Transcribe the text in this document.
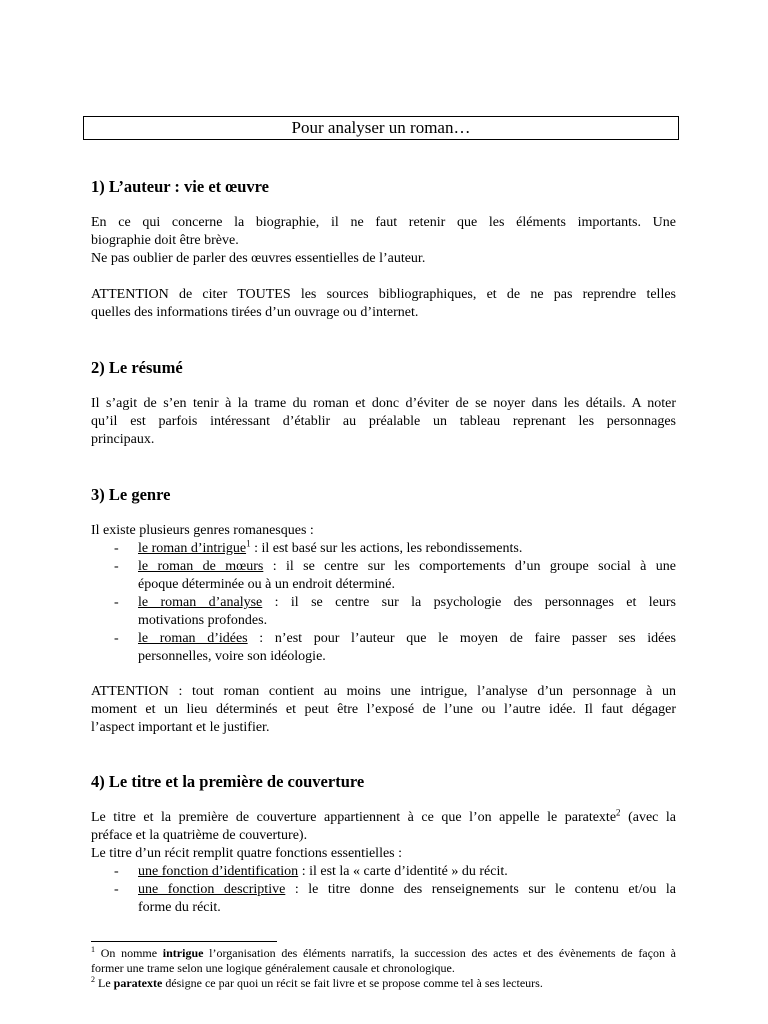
Pour analyser un roman…
1) L’auteur : vie et œuvre
En ce qui concerne la biographie, il ne faut retenir que les éléments importants. Une
biographie doit être brève.
Ne pas oublier de parler des œuvres essentielles de l’auteur.
ATTENTION de citer TOUTES les sources bibliographiques, et de ne pas reprendre telles
quelles des informations tirées d’un ouvrage ou d’internet.
2) Le résumé
Il s’agit de s’en tenir à la trame du roman et donc d’éviter de se noyer dans les détails. A noter
qu’il est parfois intéressant d’établir au préalable un tableau reprenant les personnages
principaux.
3) Le genre
Il existe plusieurs genres romanesques :
- le roman d’intrigue$^1$ : il est basé sur les actions, les rebondissements.
- le roman de mœurs : il se centre sur les comportements d’un groupe social à une
époque déterminée ou à un endroit déterminé.
- le roman d’analyse : il se centre sur la psychologie des personnages et leurs
motivations profondes.
- le roman d’idées : n’est pour l’auteur que le moyen de faire passer ses idées
personnelles, voire son idéologie.
ATTENTION : tout roman contient au moins une intrigue, l’analyse d’un personnage à un
moment et un lieu déterminés et peut être l’exposé de l’une ou l’autre idée. Il faut dégager
l’aspect important et le justifier.
4) Le titre et la première de couverture
Le titre et la première de couverture appartiennent à ce que l’on appelle le paratexte$^2$ (avec la
préface et la quatrième de couverture).
Le titre d’un récit remplit quatre fonctions essentielles :
- une fonction d’identification : il est la « carte d’identité » du récit.
- une fonction descriptive : le titre donne des renseignements sur le contenu et/ou la
forme du récit.
$^1$ On nomme intrigue l’organisation des éléments narratifs, la succession des actes et des évènements de façon à
former une trame selon une logique généralement causale et chronologique.
$^2$ Le paratexte désigne ce par quoi un récit se fait livre et se propose comme tel à ses lecteurs.
